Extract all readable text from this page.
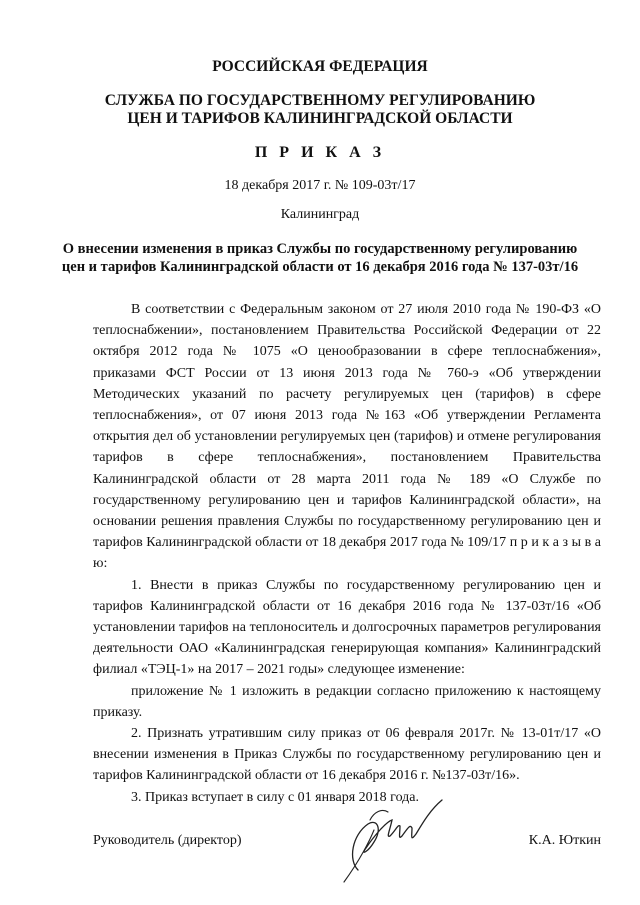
РОССИЙСКАЯ ФЕДЕРАЦИЯ
СЛУЖБА ПО ГОСУДАРСТВЕННОМУ РЕГУЛИРОВАНИЮ
ЦЕН И ТАРИФОВ КАЛИНИНГРАДСКОЙ ОБЛАСТИ
П Р И К А З
18 декабря 2017 г. № 109-03т/17
Калининград
О внесении изменения в приказ Службы по государственному регулированию
цен и тарифов Калининградской области от 16 декабря 2016 года № 137-03т/16

В соответствии с Федеральным законом от 27 июля 2010 года № 190-ФЗ «О теплоснабжении», постановлением Правительства Российской Федерации от 22 октября 2012 года № 1075 «О ценообразовании в сфере теплоснабжения», приказами ФСТ России от 13 июня 2013 года № 760-э «Об утверждении Методических указаний по расчету регулируемых цен (тарифов) в сфере теплоснабжения», от 07 июня 2013 года №163 «Об утверждении Регламента открытия дел об установлении регулируемых цен (тарифов) и отмене регулирования тарифов в сфере теплоснабжения», постановлением Правительства Калининградской области от 28 марта 2011 года № 189 «О Службе по государственному регулированию цен и тарифов Калининградской области», на основании решения правления Службы по государственному регулированию цен и тарифов Калининградской области от 18 декабря 2017 года № 109/17 п р и к а з ы в а ю:

1. Внести в приказ Службы по государственному регулированию цен и тарифов Калининградской области от 16 декабря 2016 года № 137-03т/16 «Об установлении тарифов на теплоноситель и долгосрочных параметров регулирования деятельности ОАО «Калининградская генерирующая компания» Калининградский филиал «ТЭЦ-1» на 2017 – 2021 годы» следующее изменение:

приложение № 1 изложить в редакции согласно приложению к настоящему приказу.

2. Признать утратившим силу приказ от 06 февраля 2017г. № 13-01т/17 «О внесении изменения в Приказ Службы по государственному регулированию цен и тарифов Калининградской области от 16 декабря 2016 г. №137-03т/16».

3. Приказ вступает в силу с 01 января 2018 года.

Руководитель (директор)	К.А. Юткин
